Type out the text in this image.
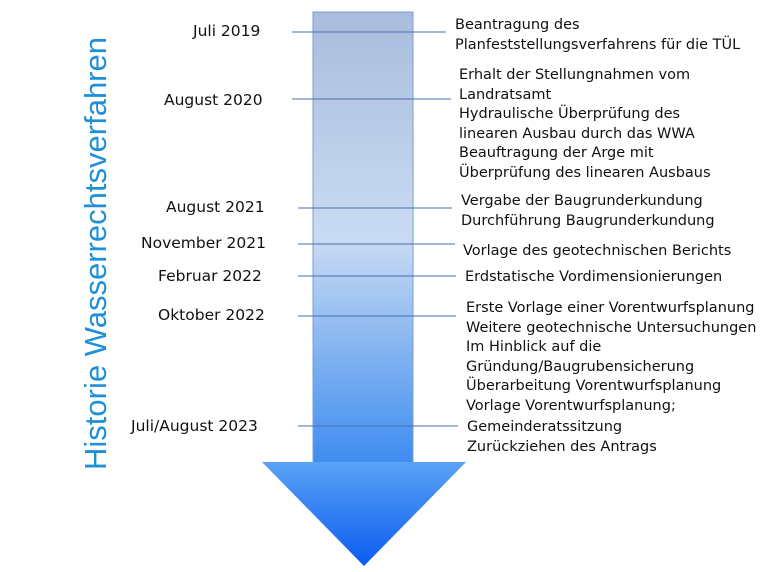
Historie Wasserrechtsverfahren
Juli 2019
August 2020
August 2021
November 2021
Februar 2022
Oktober 2022
Juli/August 2023
Beantragung des
Planfeststellungsverfahrens für die TÜL
Erhalt der Stellungnahmen vom
Landratsamt
Hydraulische Überprüfung des
linearen Ausbau durch das WWA
Beauftragung der Arge mit
Überprüfung des linearen Ausbaus
Vergabe der Baugrunderkundung
Durchführung Baugrunderkundung
Vorlage des geotechnischen Berichts
Erdstatische Vordimensionierungen
Erste Vorlage einer Vorentwurfsplanung
Weitere geotechnische Untersuchungen
Im Hinblick auf die
Gründung/Baugrubensicherung
Überarbeitung Vorentwurfsplanung
Vorlage Vorentwurfsplanung;
Gemeinderatssitzung
Zurückziehen des Antrags
